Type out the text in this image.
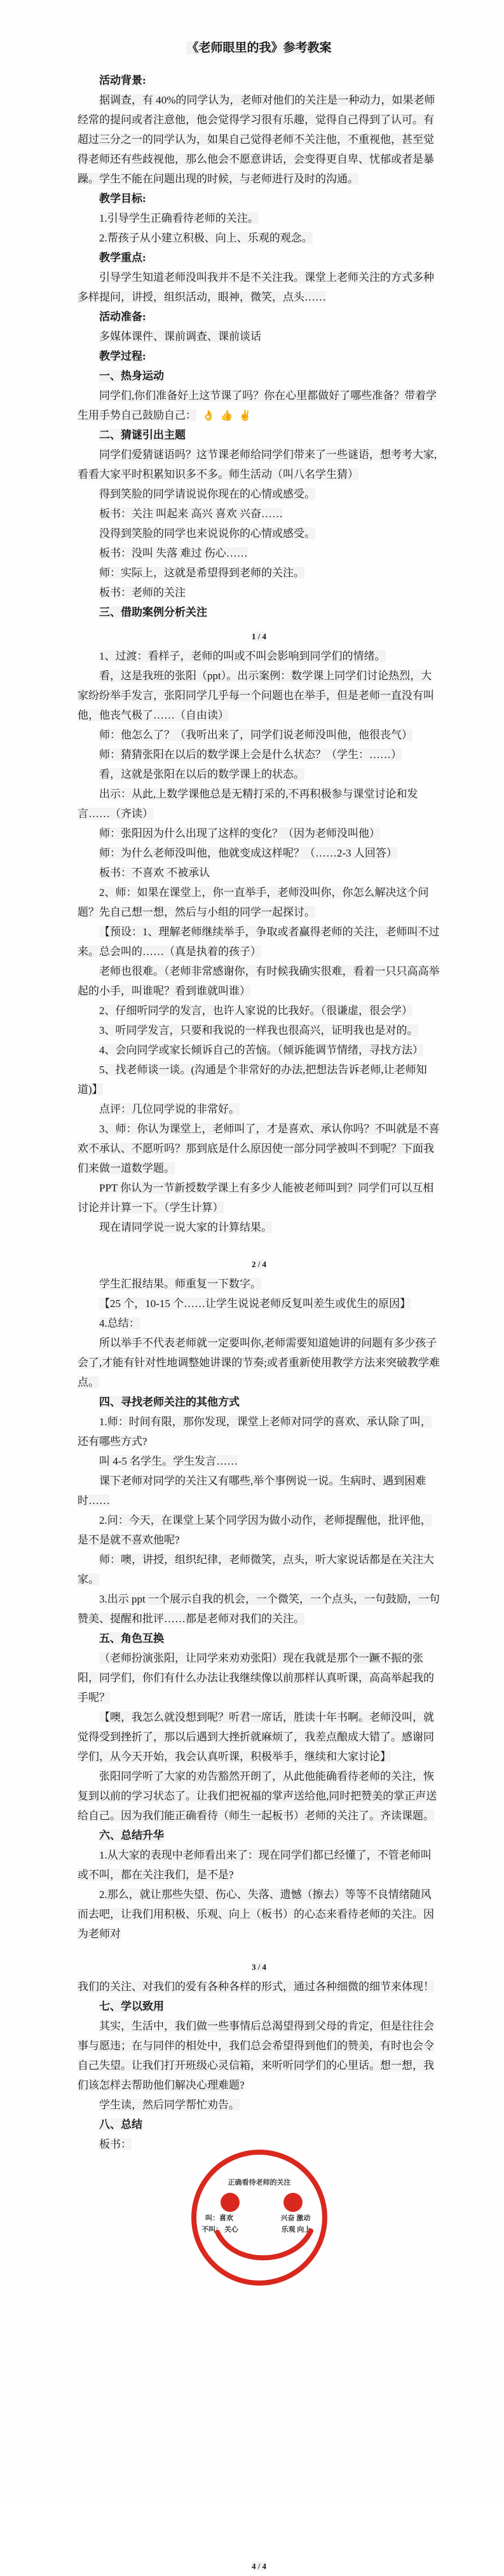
《老师眼里的我》参考教案

活动背景:

据调查，有 40%的同学认为，老师对他们的关注是一种动力，如果老师经常的提问或者注意他，他会觉得学习很有乐趣，觉得自己得到了认可。有超过三分之一的同学认为，如果自己觉得老师不关注他，不重视他，甚至觉得老师还有些歧视他，那么他会不愿意讲话，会变得更自卑、忧郁或者是暴躁。学生不能在问题出现的时候，与老师进行及时的沟通。

教学目标:

1.引导学生正确看待老师的关注。

2.帮孩子从小建立积极、向上、乐观的观念。

教学重点:

引导学生知道老师没叫我并不是不关注我。课堂上老师关注的方式多种多样提问，讲授，组织活动，眼神，微笑，点头……

活动准备:

多媒体课件、课前调查、课前谈话

教学过程:

一、热身运动

同学们,你们准备好上这节课了吗？你在心里都做好了哪些准备？带着学生用手势自己鼓励自己： 👌 👍 ✌️

二、猜谜引出主题

同学们爱猜谜语吗？这节课老师给同学们带来了一些谜语，想考考大家,看看大家平时积累知识多不多。师生活动（叫八名学生猜）

得到笑脸的同学请说说你现在的心情或感受。

板书：关注 叫起来 高兴 喜欢 兴奋……

没得到笑脸的同学也来说说你的心情或感受。

板书：没叫 失落 难过 伤心……

师：实际上，这就是希望得到老师的关注。

板书：老师的关注

三、借助案例分析关注

1 / 4

1、过渡：看样子，老师的叫或不叫会影响到同学们的情绪。

看，这是我班的张阳（ppt）。出示案例：数学课上同学们讨论热烈，大家纷纷举手发言，张阳同学几乎每一个问题也在举手，但是老师一直没有叫他，他丧气极了……（自由读）

师：他怎么了？（我听出来了，同学们说老师没叫他，他很丧气）

师：猜猜张阳在以后的数学课上会是什么状态？（学生：……）

看，这就是张阳在以后的数学课上的状态。

出示：从此,上数学课他总是无精打采的,不再积极参与课堂讨论和发言……（齐读）

师：张阳因为什么出现了这样的变化？（因为老师没叫他）

师：为什么老师没叫他，他就变成这样呢？（……2-3 人回答）

板书：不喜欢 不被承认

2、师：如果在课堂上，你一直举手，老师没叫你，你怎么解决这个问题？先自己想一想，然后与小组的同学一起探讨。

【预设：1、理解老师继续举手，争取或者赢得老师的关注，老师叫不过来。总会叫的……（真是执着的孩子）

老师也很难。（老师非常感谢你，有时候我确实很难，看着一只只高高举起的小手，叫谁呢？看到谁就叫谁）

2、仔细听同学的发言，也许人家说的比我好。（很谦虚，很会学）

3、听同学发言，只要和我说的一样我也很高兴，证明我也是对的。

4、会向同学或家长倾诉自己的苦恼。（倾诉能调节情绪，寻找方法）

5、找老师谈一谈。(沟通是个非常好的办法,把想法告诉老师,让老师知道)】

点评：几位同学说的非常好。

3、师：你认为课堂上，老师叫了，才是喜欢、承认你吗？不叫就是不喜欢不承认、不愿听吗？那到底是什么原因使一部分同学被叫不到呢？下面我们来做一道数学题。

PPT 你认为一节新授数学课上有多少人能被老师叫到？同学们可以互相讨论并计算一下。（学生计算）

现在请同学说一说大家的计算结果。

2 / 4

学生汇报结果。师重复一下数字。

【25 个，10-15 个……让学生说说老师反复叫差生或优生的原因】

4.总结：

所以举手不代表老师就一定要叫你,老师需要知道她讲的问题有多少孩子会了,才能有针对性地调整她讲课的节奏;或者重新使用教学方法来突破教学难点。

四、寻找老师关注的其他方式

1.师：时间有限，那你发现，课堂上老师对同学的喜欢、承认除了叫，还有哪些方式?

叫 4-5 名学生。学生发言……

课下老师对同学的关注又有哪些,举个事例说一说。生病时、遇到困难时……

2.问：今天，在课堂上某个同学因为做小动作，老师提醒他，批评他，是不是就不喜欢他呢?

师：噢，讲授，组织纪律，老师微笑，点头，听大家说话都是在关注大家。

3.出示 ppt 一个展示自我的机会，一个微笑，一个点头，一句鼓励，一句赞美、提醒和批评……都是老师对我们的关注。

五、角色互换

（老师扮演张阳，让同学来劝劝张阳）现在我就是那个一蹶不振的张阳，同学们，你们有什么办法让我继续像以前那样认真听课，高高举起我的手呢？

【噢，我怎么就没想到呢？听君一席话，胜读十年书啊。老师没叫，就觉得受到挫折了，那以后遇到大挫折就麻烦了，我差点酿成大错了。感谢同学们，从今天开始，我会认真听课，积极举手，继续和大家讨论】

张阳同学听了大家的劝告豁然开朗了，从此他能确看待老师的关注，恢复到以前的学习状态了。让我们把祝福的掌声送给他,同时把赞美的掌正声送给自己。因为我们能正确看待（师生一起板书）老师的关注了。齐读课题。

六、总结升华

1.从大家的表现中老师看出来了：现在同学们都已经懂了，不管老师叫或不叫，都在关注我们，是不是?

2.那么，就让那些失望、伤心、失落、遗憾（擦去）等等不良情绪随风而去吧，让我们用积极、乐观、向上（板书）的心态来看待老师的关注。因为老师对

3 / 4

我们的关注、对我们的爱有各种各样的形式，通过各种细微的细节来体现！

七、学以致用

其实，生活中，我们做一些事情后总渴望得到父母的肯定，但是往往会事与愿违；在与同伴的相处中，我们总会希望得到他们的赞美，有时也会令自己失望。让我们打开班级心灵信箱，来听听同学们的心里话。想一想，我们该怎样去帮助他们解决心理难题?

学生读，然后同学帮忙劝告。

八、总结

板书：

正确看待老师的关注
叫：喜欢	兴奋 激动
不叫： 关心	乐观 向上

4 / 4
